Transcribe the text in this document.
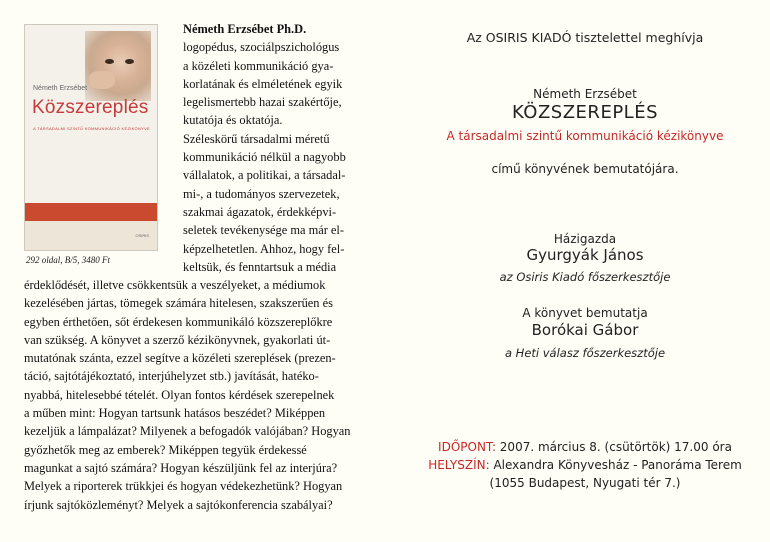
Németh Erzsébet
Közszereplés
A TÁRSADALMI SZINTŰ KOMMUNIKÁCIÓ KÉZIKÖNYVE
OSIRIS
292 oldal, B/5, 3480 Ft
Németh Erzsébet Ph.D.
logopédus, szociálpszichológus
a közéleti kommunikáció gya-
korlatának és elméletének egyik
legelismertebb hazai szakértője,
kutatója és oktatója.
Széleskörű társadalmi méretű
kommunikáció nélkül a nagyobb
vállalatok, a politikai, a társadal-
mi-, a tudományos szervezetek,
szakmai ágazatok, érdekképvi-
seletek tevékenysége ma már el-
képzelhetetlen. Ahhoz, hogy fel-
keltsük, és fenntartsuk a média
érdeklődését, illetve csökkentsük a veszélyeket, a médiumok
kezelésében jártas, tömegek számára hitelesen, szakszerűen és
egyben érthetően, sőt érdekesen kommunikáló közszereplőkre
van szükség. A könyvet a szerző kézikönyvnek, gyakorlati út-
mutatónak szánta, ezzel segítve a közéleti szereplések (prezen-
táció, sajtótájékoztató, interjúhelyzet stb.) javítását, hatéko-
nyabbá, hitelesebbé tételét. Olyan fontos kérdések szerepelnek
a műben mint: Hogyan tartsunk hatásos beszédet? Miképpen
kezeljük a lámpalázat? Milyenek a befogadók valójában? Hogyan
győzhetők meg az emberek? Miképpen tegyük érdekessé
magunkat a sajtó számára? Hogyan készüljünk fel az interjúra?
Melyek a riporterek trükkjei és hogyan védekezhetünk? Hogyan
írjunk sajtóközleményt? Melyek a sajtókonferencia szabályai?
Az OSIRIS KIADÓ tisztelettel meghívja
Németh Erzsébet
KÖZSZEREPLÉS
A társadalmi szintű kommunikáció kézikönyve
című könyvének bemutatójára.
Házigazda
Gyurgyák János
az Osiris Kiadó főszerkesztője
A könyvet bemutatja
Borókai Gábor
a Heti válasz főszerkesztője
IDŐPONT: 2007. március 8. (csütörtök) 17.00 óra
HELYSZÍN: Alexandra Könyvesház - Panoráma Terem
(1055 Budapest, Nyugati tér 7.)
